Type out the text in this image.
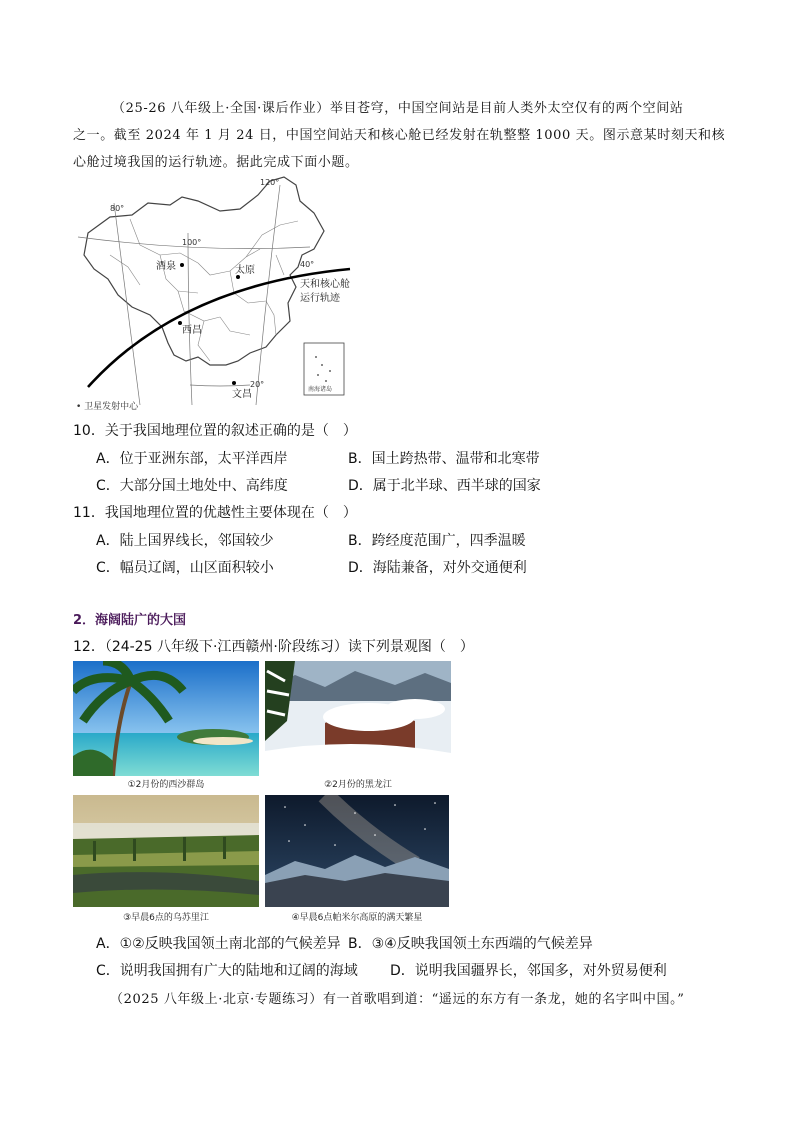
（25-26 八年级上·全国·课后作业）举目苍穹，中国空间站是目前人类外太空仅有的两个空间站
之一。截至 2024 年 1 月 24 日，中国空间站天和核心舱已经发射在轨整整 1000 天。图示意某时刻天和核
心舱过境我国的运行轨迹。据此完成下面小题。
酒泉	太原
西昌
文昌
120°
80°
100°
40°
20°
天和核心舱
运行轨迹
南海诸岛
• 卫星发射中心
10．关于我国地理位置的叙述正确的是（　）
A．位于亚洲东部，太平洋西岸	B．国土跨热带、温带和北寒带
C．大部分国土地处中、高纬度	D．属于北半球、西半球的国家
11．我国地理位置的优越性主要体现在（　）
A．陆上国界线长，邻国较少	B．跨经度范围广，四季温暖
C．幅员辽阔，山区面积较小	D．海陆兼备，对外交通便利
2．海阔陆广的大国
12．（24-25 八年级下·江西赣州·阶段练习）读下列景观图（　）
①2月份的西沙群岛	②2月份的黑龙江
③早晨6点的乌苏里江	④早晨6点帕米尔高原的满天繁星
A．①②反映我国领土南北部的气候差异 B．③④反映我国领土东西端的气候差异
C．说明我国拥有广大的陆地和辽阔的海域 D．说明我国疆界长，邻国多，对外贸易便利
（2025 八年级上·北京·专题练习）有一首歌唱到道：“遥远的东方有一条龙，她的名字叫中国。”
